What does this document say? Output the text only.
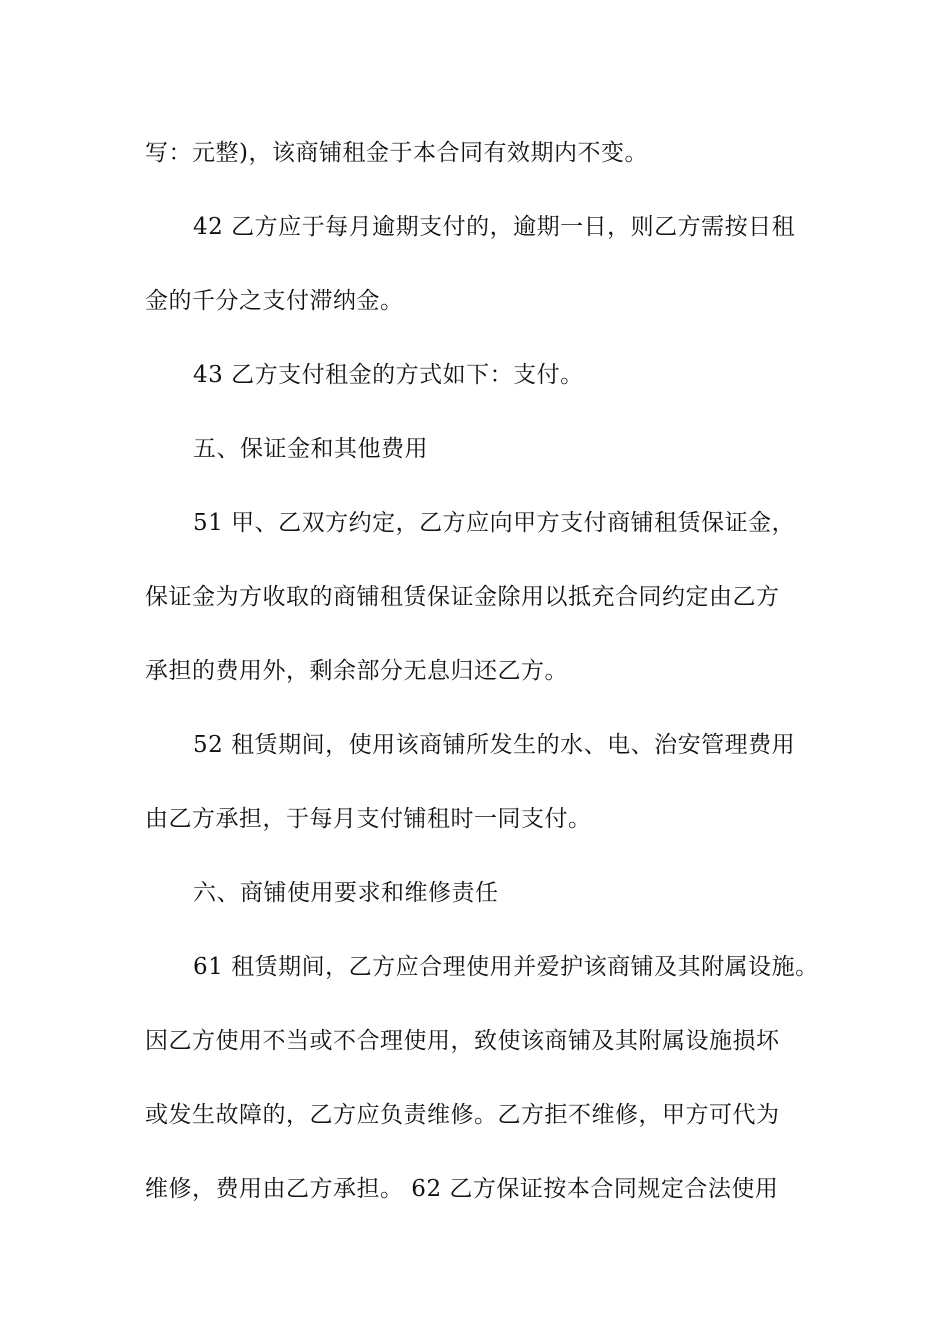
写：元整)，该商铺租金于本合同有效期内不变。
42 乙方应于每月逾期支付的，逾期一日，则乙方需按日租
金的千分之支付滞纳金。
43 乙方支付租金的方式如下：支付。
五、保证金和其他费用
51 甲、乙双方约定，乙方应向甲方支付商铺租赁保证金，
保证金为方收取的商铺租赁保证金除用以抵充合同约定由乙方
承担的费用外，剩余部分无息归还乙方。
52 租赁期间，使用该商铺所发生的水、电、治安管理费用
由乙方承担，于每月支付铺租时一同支付。
六、商铺使用要求和维修责任
61 租赁期间，乙方应合理使用并爱护该商铺及其附属设施。
因乙方使用不当或不合理使用，致使该商铺及其附属设施损坏
或发生故障的，乙方应负责维修。乙方拒不维修，甲方可代为
维修，费用由乙方承担。 62 乙方保证按本合同规定合法使用
